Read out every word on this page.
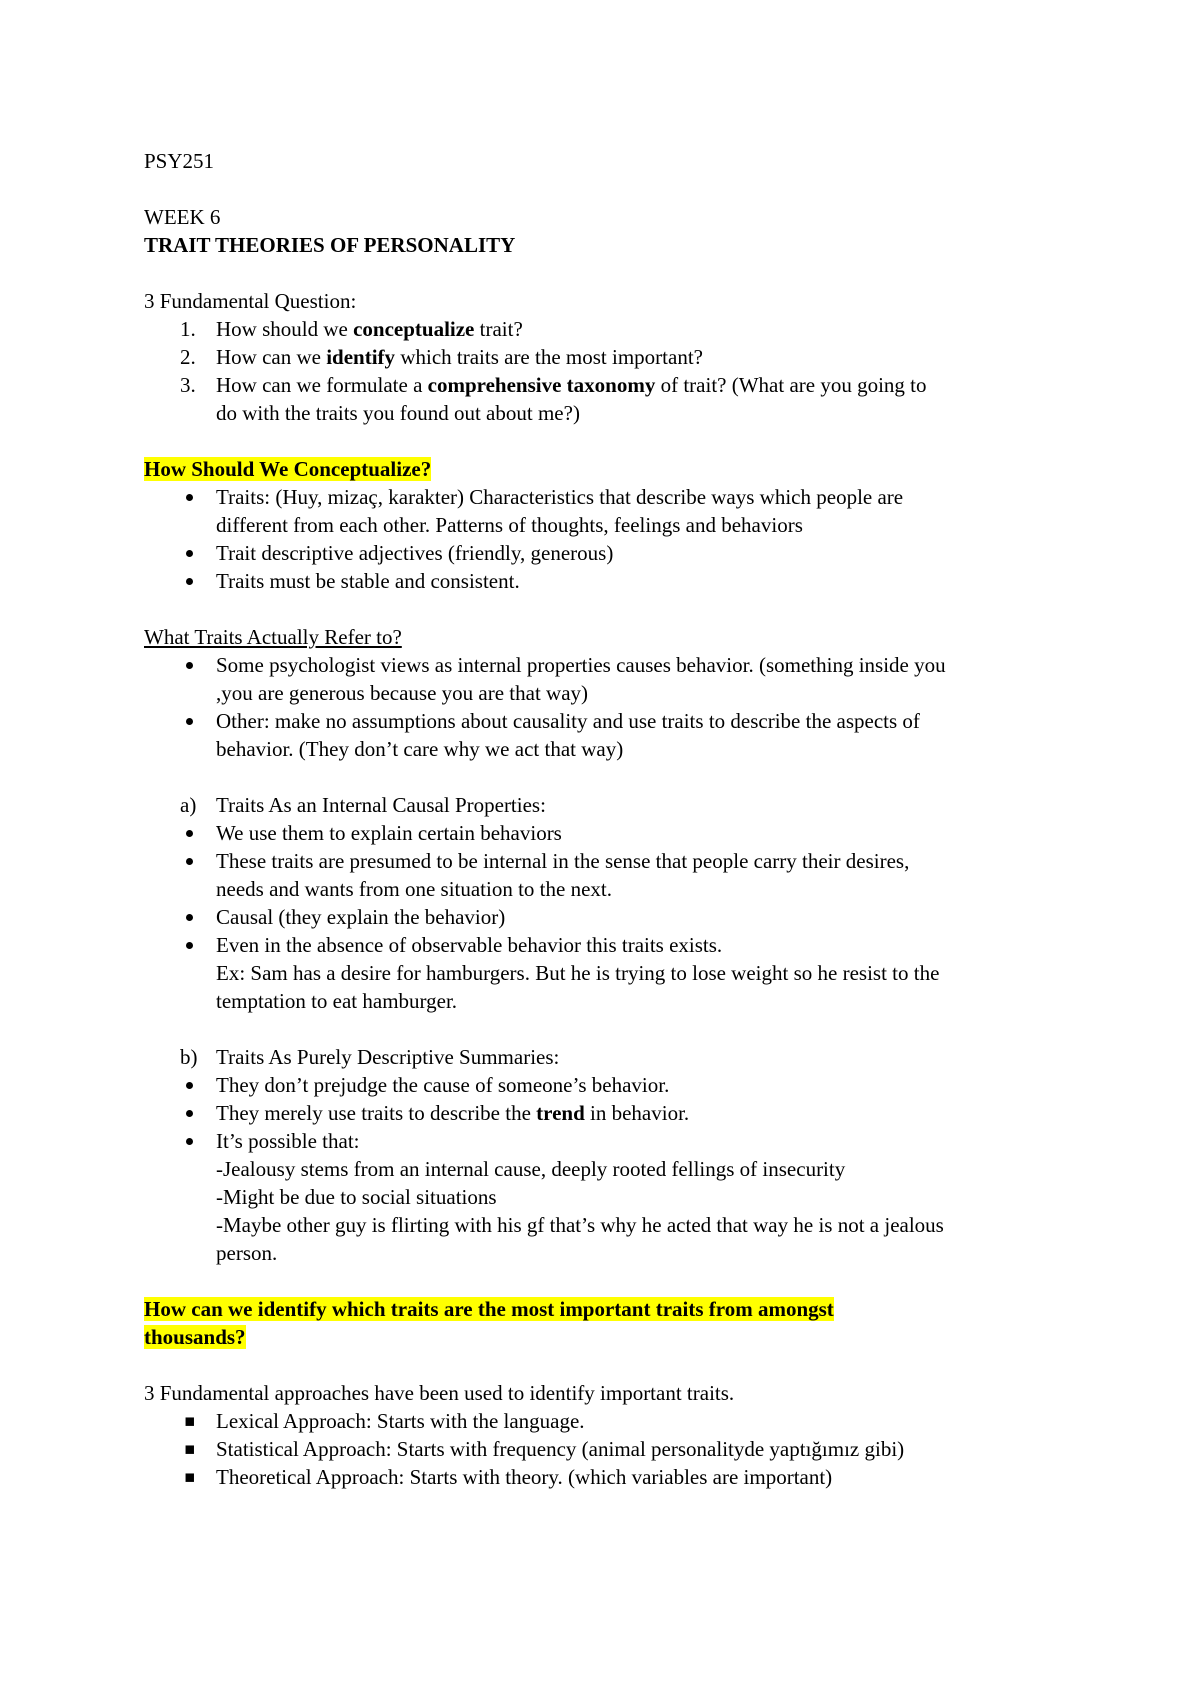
PSY251
WEEK 6
TRAIT THEORIES OF PERSONALITY
3 Fundamental Question:
1. How should we conceptualize trait?
2. How can we identify which traits are the most important?
3. How can we formulate a comprehensive taxonomy of trait? (What are you going to
do with the traits you found out about me?)
How Should We Conceptualize?
Traits: (Huy, mizaç, karakter) Characteristics that describe ways which people are
different from each other. Patterns of thoughts, feelings and behaviors
Trait descriptive adjectives (friendly, generous)
Traits must be stable and consistent.
What Traits Actually Refer to?
Some psychologist views as internal properties causes behavior. (something inside you
,you are generous because you are that way)
Other: make no assumptions about causality and use traits to describe the aspects of
behavior. (They don’t care why we act that way)
a) Traits As an Internal Causal Properties:
We use them to explain certain behaviors
These traits are presumed to be internal in the sense that people carry their desires,
needs and wants from one situation to the next.
Causal (they explain the behavior)
Even in the absence of observable behavior this traits exists.
Ex: Sam has a desire for hamburgers. But he is trying to lose weight so he resist to the
temptation to eat hamburger.
b) Traits As Purely Descriptive Summaries:
They don’t prejudge the cause of someone’s behavior.
They merely use traits to describe the trend in behavior.
It’s possible that:
-Jealousy stems from an internal cause, deeply rooted fellings of insecurity
-Might be due to social situations
-Maybe other guy is flirting with his gf that’s why he acted that way he is not a jealous
person.
How can we identify which traits are the most important traits from amongst
thousands?
3 Fundamental approaches have been used to identify important traits.
▪ Lexical Approach: Starts with the language.
▪ Statistical Approach: Starts with frequency (animal personalityde yaptığımız gibi)
▪ Theoretical Approach: Starts with theory. (which variables are important)
